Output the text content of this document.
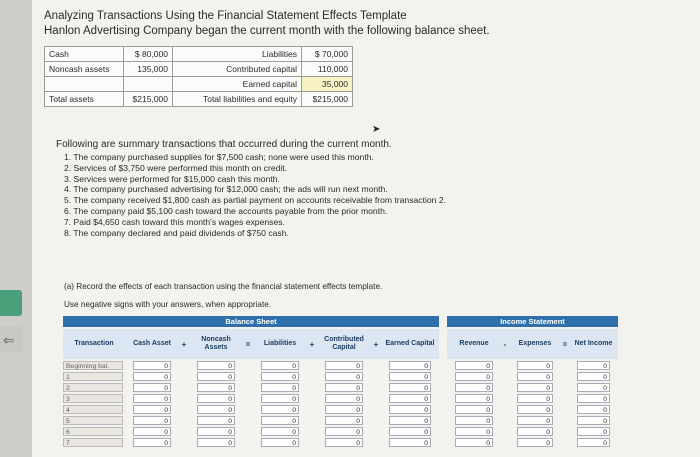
⇐
Analyzing Transactions Using the Financial Statement Effects Template
Hanlon Advertising Company began the current month with the following balance sheet.
Cash	$ 80,000	Liabilities	$ 70,000
Noncash assets	135,000	Contributed capital	110,000
		Earned capital	35,000
Total assets	$215,000	Total liabilities and equity	$215,000
➤
Following are summary transactions that occurred during the current month.
1. The company purchased supplies for $7,500 cash; none were used this month.
2. Services of $3,750 were performed this month on credit.
3. Services were performed for $15,000 cash this month.
4. The company purchased advertising for $12,000 cash; the ads will run next month.
5. The company received $1,800 cash as partial payment on accounts receivable from transaction 2.
6. The company paid $5,100 cash toward the accounts payable from the prior month.
7. Paid $4,650 cash toward this month's wages expenses.
8. The company declared and paid dividends of $750 cash.
(a) Record the effects of each transaction using the financial statement effects template.
Use negative signs with your answers, when appropriate.
Balance Sheet	Income Statement
Transaction	Cash Asset	+	Noncash Assets	=	Liabilities	+	Contributed Capital	+	Earned Capital	Revenue	-	Expenses	=	Net Income
Beginning bal.	0	0	0	0	0	0	0	0
1	0	0	0	0	0	0	0	0
2	0	0	0	0	0	0	0	0
3	0	0	0	0	0	0	0	0
4	0	0	0	0	0	0	0	0
5	0	0	0	0	0	0	0	0
6	0	0	0	0	0	0	0	0
7	0	0	0	0	0	0	0	0
